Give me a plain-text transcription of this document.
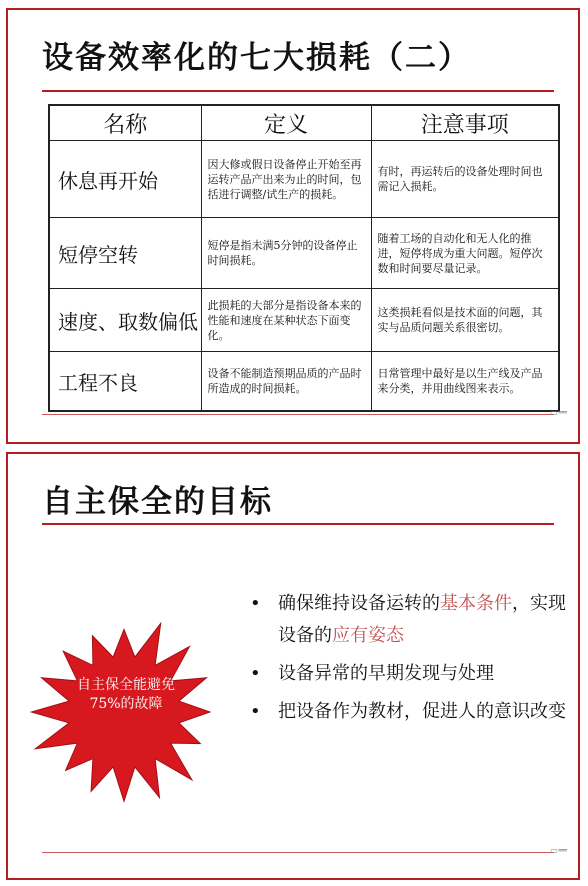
设备效率化的七大损耗（二）
名称	定义	注意事项
休息再开始	因大修或假日设备停止开始至再运转产品产出来为止的时间，包括进行调整/试生产的损耗。	有时，再运转后的设备处理时间也需记入损耗。
短停空转	短停是指未满5分钟的设备停止时间损耗。	随着工场的自动化和无人化的推进，短停将成为重大问题。短停次数和时间要尽量记录。
速度、取数偏低	此损耗的大部分是指设备本来的性能和速度在某种状态下面变化。	这类损耗看似是技术面的问题，其实与品质问题关系很密切。
工程不良	设备不能制造预期品质的产品时所造成的时间损耗。	日常管理中最好是以生产线及产品来分类，并用曲线图来表示。
▭ ══
自主保全的目标
自主保全能避免75%的故障
• 确保维持设备运转的基本条件，实现设备的应有姿态
• 设备异常的早期发现与处理
• 把设备作为教材，促进人的意识改变
▭ ══
